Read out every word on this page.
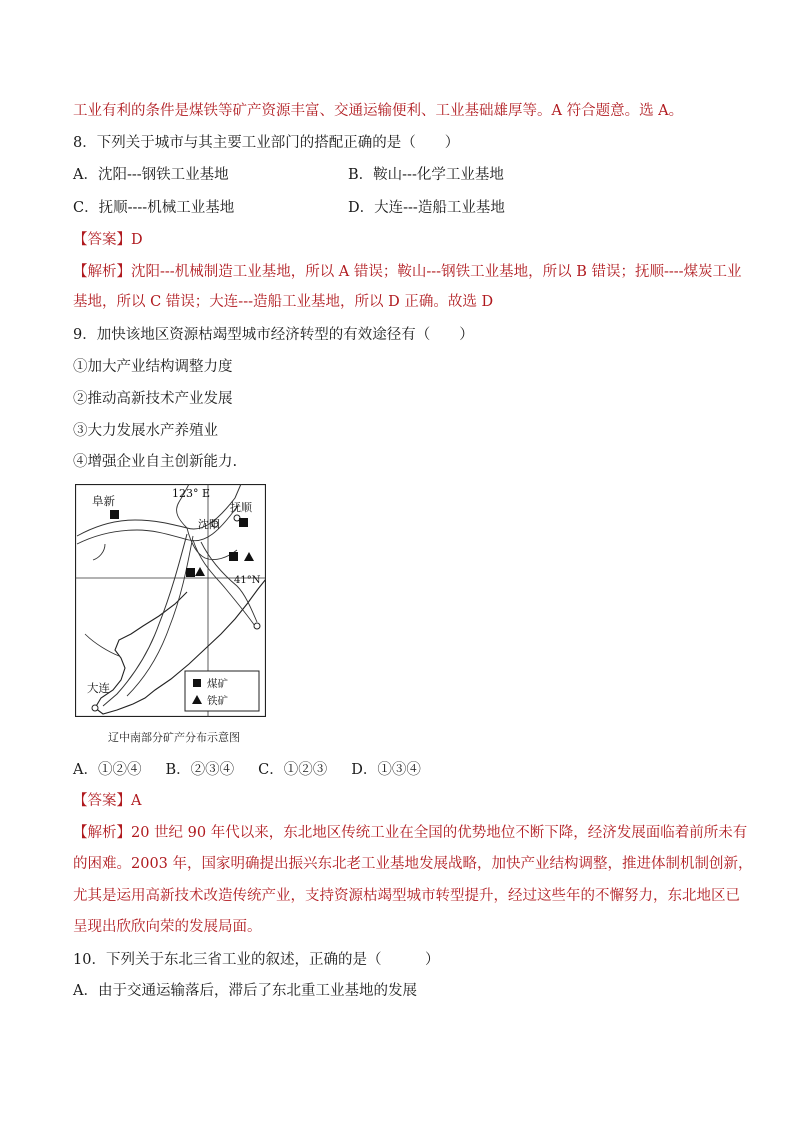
工业有利的条件是煤铁等矿产资源丰富、交通运输便利、工业基础雄厚等。A 符合题意。选 A。
8．下列关于城市与其主要工业部门的搭配正确的是（　　）
A．沈阳---钢铁工业基地	B．鞍山---化学工业基地
C．抚顺----机械工业基地	D．大连---造船工业基地
【答案】D
【解析】沈阳---机械制造工业基地，所以 A 错误；鞍山---钢铁工业基地，所以 B 错误；抚顺----煤炭工业
基地，所以 C 错误；大连---造船工业基地，所以 D 正确。故选 D
9．加快该地区资源枯竭型城市经济转型的有效途径有（　　）
①加大产业结构调整力度
②推动高新技术产业发展
③大力发展水产养殖业
④增强企业自主创新能力.
123° E
41°N
阜新
沈阳
抚顺
大连	煤矿
铁矿
辽中南部分矿产分布示意图
A．①②④ B．②③④ C．①②③ D．①③④
【答案】A
【解析】20 世纪 90 年代以来，东北地区传统工业在全国的优势地位不断下降，经济发展面临着前所未有
的困难。2003 年，国家明确提出振兴东北老工业基地发展战略，加快产业结构调整，推进体制机制创新，
尤其是运用高新技术改造传统产业，支持资源枯竭型城市转型提升，经过这些年的不懈努力，东北地区已
呈现出欣欣向荣的发展局面。
10．下列关于东北三省工业的叙述，正确的是（　　　）
A．由于交通运输落后，滞后了东北重工业基地的发展
